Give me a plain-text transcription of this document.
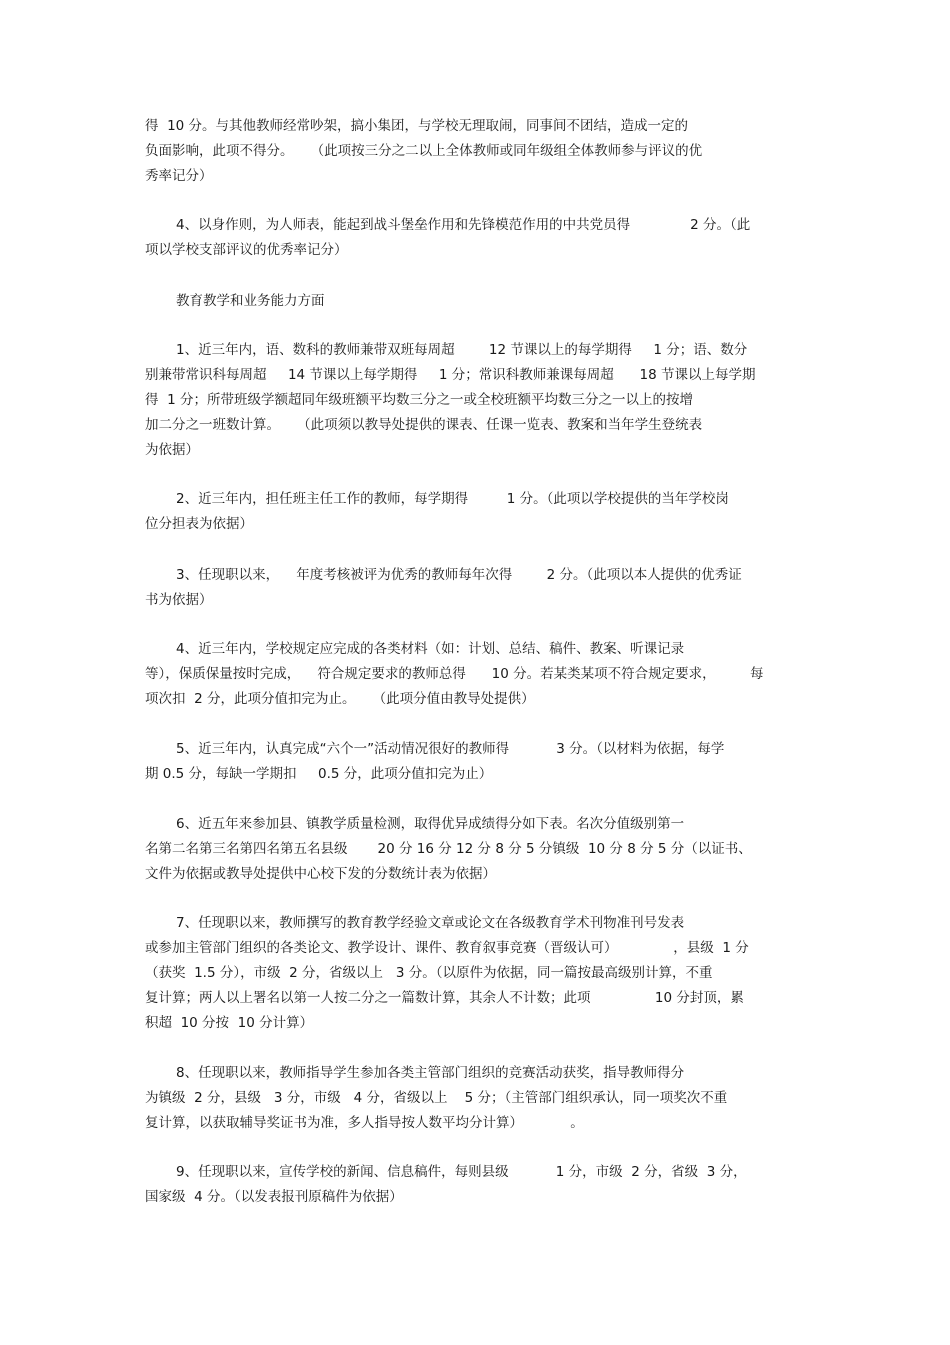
得  10 分。与其他教师经常吵架，搞小集团，与学校无理取闹，同事间不团结，造成一定的
负面影响，此项不得分。    （此项按三分之二以上全体教师或同年级组全体教师参与评议的优
秀率记分）
4、以身作则，为人师表，能起到战斗堡垒作用和先锋模范作用的中共党员得              2 分。（此
项以学校支部评议的优秀率记分）
教育教学和业务能力方面
1、近三年内，语、数科的教师兼带双班每周超        12 节课以上的每学期得     1 分；语、数分
别兼带常识科每周超     14 节课以上每学期得     1 分；常识科教师兼课每周超      18 节课以上每学期
得  1 分；所带班级学额超同年级班额平均数三分之一或全校班额平均数三分之一以上的按增
加二分之一班数计算。    （此项须以教导处提供的课表、任课一览表、教案和当年学生登统表
为依据）
2、近三年内，担任班主任工作的教师，每学期得         1 分。（此项以学校提供的当年学校岗
位分担表为依据）
3、任现职以来，    年度考核被评为优秀的教师每年次得        2 分。（此项以本人提供的优秀证
书为依据）
4、近三年内，学校规定应完成的各类材料（如：计划、总结、稿件、教案、听课记录
等），保质保量按时完成，    符合规定要求的教师总得      10 分。若某类某项不符合规定要求，        每
项次扣  2 分，此项分值扣完为止。    （此项分值由教导处提供）
5、近三年内，认真完成“六个一”活动情况很好的教师得           3 分。（以材料为依据，每学
期 0.5 分，每缺一学期扣     0.5 分，此项分值扣完为止）
6、近五年来参加县、镇教学质量检测，取得优异成绩得分如下表。名次分值级别第一
名第二名第三名第四名第五名县级       20 分 16 分 12 分 8 分 5 分镇级  10 分 8 分 5 分（以证书、
文件为依据或教导处提供中心校下发的分数统计表为依据）
7、任现职以来，教师撰写的教育教学经验文章或论文在各级教育学术刊物准刊号发表
或参加主管部门组织的各类论文、教学设计、课件、教育叙事竞赛（晋级认可）             ，县级  1 分
（获奖  1.5 分），市级  2 分，省级以上   3 分。（以原件为依据，同一篇按最高级别计算，不重
复计算；两人以上署名以第一人按二分之一篇数计算，其余人不计数；此项               10 分封顶，累
积超  10 分按  10 分计算）
8、任现职以来，教师指导学生参加各类主管部门组织的竞赛活动获奖，指导教师得分
为镇级  2 分，县级   3 分，市级   4 分，省级以上    5 分；（主管部门组织承认，同一项奖次不重
复计算，以获取辅导奖证书为准，多人指导按人数平均分计算）           。
9、任现职以来，宣传学校的新闻、信息稿件，每则县级           1 分，市级  2 分，省级  3 分，
国家级  4 分。（以发表报刊原稿件为依据）
